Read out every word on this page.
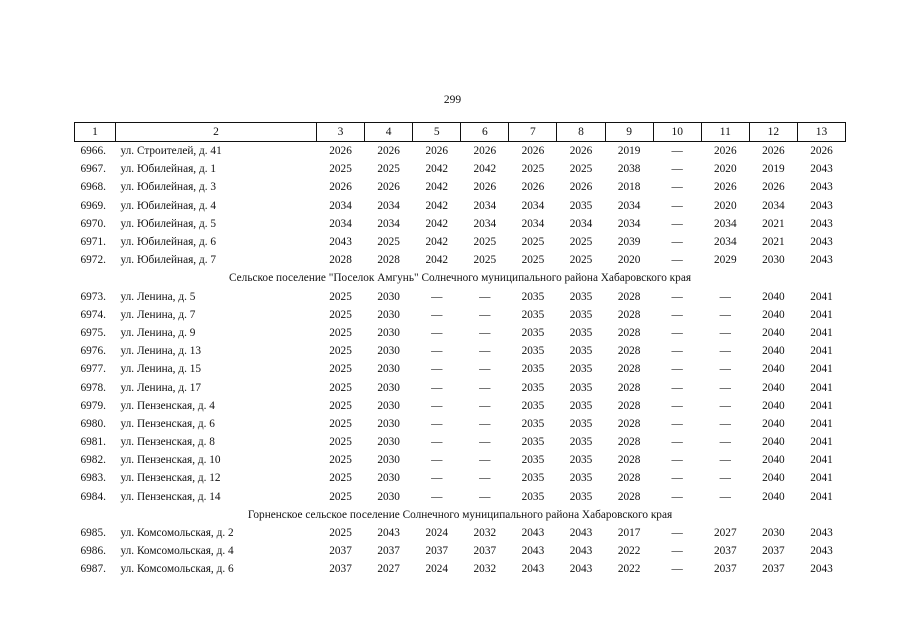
299
1	2	3	4	5	6	7	8	9	10	11	12	13
6966.	ул. Строителей, д. 41	2026	2026	2026	2026	2026	2026	2019	—	2026	2026	2026
6967.	ул. Юбилейная, д. 1	2025	2025	2042	2042	2025	2025	2038	—	2020	2019	2043
6968.	ул. Юбилейная, д. 3	2026	2026	2042	2026	2026	2026	2018	—	2026	2026	2043
6969.	ул. Юбилейная, д. 4	2034	2034	2042	2034	2034	2035	2034	—	2020	2034	2043
6970.	ул. Юбилейная, д. 5	2034	2034	2042	2034	2034	2034	2034	—	2034	2021	2043
6971.	ул. Юбилейная, д. 6	2043	2025	2042	2025	2025	2025	2039	—	2034	2021	2043
6972.	ул. Юбилейная, д. 7	2028	2028	2042	2025	2025	2025	2020	—	2029	2030	2043
Сельское поселение "Поселок Амгунь" Солнечного муниципального района Хабаровского края												
6973.	ул. Ленина, д. 5	2025	2030	—	—	2035	2035	2028	—	—	2040	2041
6974.	ул. Ленина, д. 7	2025	2030	—	—	2035	2035	2028	—	—	2040	2041
6975.	ул. Ленина, д. 9	2025	2030	—	—	2035	2035	2028	—	—	2040	2041
6976.	ул. Ленина, д. 13	2025	2030	—	—	2035	2035	2028	—	—	2040	2041
6977.	ул. Ленина, д. 15	2025	2030	—	—	2035	2035	2028	—	—	2040	2041
6978.	ул. Ленина, д. 17	2025	2030	—	—	2035	2035	2028	—	—	2040	2041
6979.	ул. Пензенская, д. 4	2025	2030	—	—	2035	2035	2028	—	—	2040	2041
6980.	ул. Пензенская, д. 6	2025	2030	—	—	2035	2035	2028	—	—	2040	2041
6981.	ул. Пензенская, д. 8	2025	2030	—	—	2035	2035	2028	—	—	2040	2041
6982.	ул. Пензенская, д. 10	2025	2030	—	—	2035	2035	2028	—	—	2040	2041
6983.	ул. Пензенская, д. 12	2025	2030	—	—	2035	2035	2028	—	—	2040	2041
6984.	ул. Пензенская, д. 14	2025	2030	—	—	2035	2035	2028	—	—	2040	2041
Горненское сельское поселение Солнечного муниципального района Хабаровского края												
6985.	ул. Комсомольская, д. 2	2025	2043	2024	2032	2043	2043	2017	—	2027	2030	2043
6986.	ул. Комсомольская, д. 4	2037	2037	2037	2037	2043	2043	2022	—	2037	2037	2043
6987.	ул. Комсомольская, д. 6	2037	2027	2024	2032	2043	2043	2022	—	2037	2037	2043
